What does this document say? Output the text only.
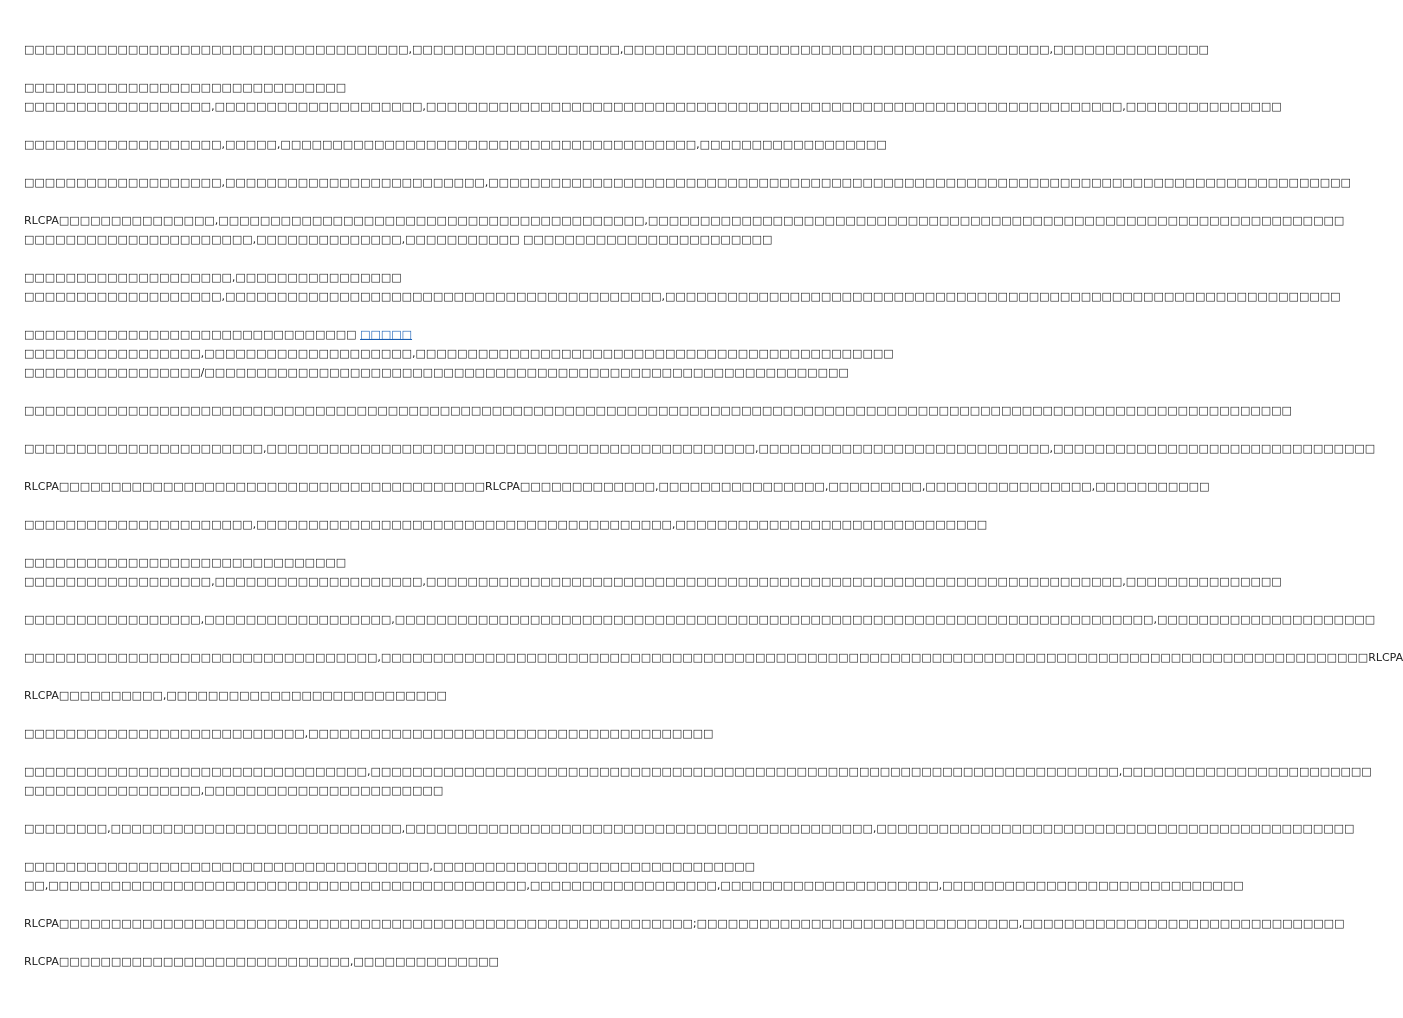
□□□□□□□□□□□□□□□□□□□□□□□□□□□□□□□□□□□□□,□□□□□□□□□□□□□□□□□□□□,□□□□□□□□□□□□□□□□□□□□□□□□□□□□□□□□□□□□□□□□□,□□□□□□□□□□□□□□□

□□□□□□□□□□□□□□□□□□□□□□□□□□□□□□□
□□□□□□□□□□□□□□□□□□,□□□□□□□□□□□□□□□□□□□□,□□□□□□□□□□□□□□□□□□□□□□□□□□□□□□□□□□□□□□□□□□□□□□□□□□□□□□□□□□□□□□□□□□□,□□□□□□□□□□□□□□□

□□□□□□□□□□□□□□□□□□□,□□□□□,□□□□□□□□□□□□□□□□□□□□□□□□□□□□□□□□□□□□□□□□,□□□□□□□□□□□□□□□□□□

□□□□□□□□□□□□□□□□□□□,□□□□□□□□□□□□□□□□□□□□□□□□□,□□□□□□□□□□□□□□□□□□□□□□□□□□□□□□□□□□□□□□□□□□□□□□□□□□□□□□□□□□□□□□□□□□□□□□□□□□□□□□□□□□□

RLCPA□□□□□□□□□□□□□□□,□□□□□□□□□□□□□□□□□□□□□□□□□□□□□□□□□□□□□□□□□,□□□□□□□□□□□□□□□□□□□□□□□□□□□□□□□□□□□□□□□□□□□□□□□□□□□□□□□□□□□□□□□□□□□
□□□□□□□□□□□□□□□□□□□□□□,□□□□□□□□□□□□□□,□□□□□□□□□□□ □□□□□□□□□□□□□□□□□□□□□□□□

□□□□□□□□□□□□□□□□□□□□,□□□□□□□□□□□□□□□□
□□□□□□□□□□□□□□□□□□□,□□□□□□□□□□□□□□□□□□□□□□□□□□□□□□□□□□□□□□□□□□,□□□□□□□□□□□□□□□□□□□□□□□□□□□□□□□□□□□□□□□□□□□□□□□□□□□□□□□□□□□□□□□□□

□□□□□□□□□□□□□□□□□□□□□□□□□□□□□□□□ □□□□□
□□□□□□□□□□□□□□□□□,□□□□□□□□□□□□□□□□□□□□,□□□□□□□□□□□□□□□□□□□□□□□□□□□□□□□□□□□□□□□□□□□□□□
□□□□□□□□□□□□□□□□□/□□□□□□□□□□□□□□□□□□□□□□□□□□□□□□□□□□□□□□□□□□□□□□□□□□□□□□□□□□□□□□

□□□□□□□□□□□□□□□□□□□□□□□□□□□□□□□□□□□□□□□□□□□□□□□□□□□□□□□□□□□□□□□□□□□□□□□□□□□□□□□□□□□□□□□□□□□□□□□□□□□□□□□□□□□□□□□□□□□□□□□□□□

□□□□□□□□□□□□□□□□□□□□□□□,□□□□□□□□□□□□□□□□□□□□□□□□□□□□□□□□□□□□□□□□□□□□□□□,□□□□□□□□□□□□□□□□□□□□□□□□□□□□,□□□□□□□□□□□□□□□□□□□□□□□□□□□□□□□

RLCPA□□□□□□□□□□□□□□□□□□□□□□□□□□□□□□□□□□□□□□□□□RLCPA□□□□□□□□□□□□□,□□□□□□□□□□□□□□□□,□□□□□□□□□,□□□□□□□□□□□□□□□□,□□□□□□□□□□□

□□□□□□□□□□□□□□□□□□□□□□,□□□□□□□□□□□□□□□□□□□□□□□□□□□□□□□□□□□□□□□□,□□□□□□□□□□□□□□□□□□□□□□□□□□□□□□

□□□□□□□□□□□□□□□□□□□□□□□□□□□□□□□
□□□□□□□□□□□□□□□□□□,□□□□□□□□□□□□□□□□□□□□,□□□□□□□□□□□□□□□□□□□□□□□□□□□□□□□□□□□□□□□□□□□□□□□□□□□□□□□□□□□□□□□□□□□,□□□□□□□□□□□□□□□

□□□□□□□□□□□□□□□□□,□□□□□□□□□□□□□□□□□□,□□□□□□□□□□□□□□□□□□□□□□□□□□□□□□□□□□□□□□□□□□□□□□□□□□□□□□□□□□□□□□□□□□□□□□□□□,□□□□□□□□□□□□□□□□□□□□□

□□□□□□□□□□□□□□□□□□□□□□□□□□□□□□□□□□,□□□□□□□□□□□□□□□□□□□□□□□□□□□□□□□□□□□□□□□□□□□□□□□□□□□□□□□□□□□□□□□□□□□□□□□□□□□□□□□□□□□□□□□□□□□□□□□RLCPA

RLCPA□□□□□□□□□□,□□□□□□□□□□□□□□□□□□□□□□□□□□□

□□□□□□□□□□□□□□□□□□□□□□□□□□□,□□□□□□□□□□□□□□□□□□□□□□□□□□□□□□□□□□□□□□□

□□□□□□□□□□□□□□□□□□□□□□□□□□□□□□□□□,□□□□□□□□□□□□□□□□□□□□□□□□□□□□□□□□□□□□□□□□□□□□□□□□□□□□□□□□□□□□□□□□□□□□□□□□,□□□□□□□□□□□□□□□□□□□□□□□□
□□□□□□□□□□□□□□□□□,□□□□□□□□□□□□□□□□□□□□□□□

□□□□□□□□,□□□□□□□□□□□□□□□□□□□□□□□□□□□□,□□□□□□□□□□□□□□□□□□□□□□□□□□□□□□□□□□□□□□□□□□□□□,□□□□□□□□□□□□□□□□□□□□□□□□□□□□□□□□□□□□□□□□□□□□□□

□□□□□□□□□□□□□□□□□□□□□□□□□□□□□□□□□□□□□□□,□□□□□□□□□□□□□□□□□□□□□□□□□□□□□□□
□□,□□□□□□□□□□□□□□□□□□□□□□□□□□□□□□□□□□□□□□□□□□□□□□,□□□□□□□□□□□□□□□□□□,□□□□□□□□□□□□□□□□□□□□□,□□□□□□□□□□□□□□□□□□□□□□□□□□□□□

RLCPA□□□□□□□□□□□□□□□□□□□□□□□□□□□□□□□□□□□□□□□□□□□□□□□□□□□□□□□□□□□□□;□□□□□□□□□□□□□□□□□□□□□□□□□□□□□□□,□□□□□□□□□□□□□□□□□□□□□□□□□□□□□□□

RLCPA□□□□□□□□□□□□□□□□□□□□□□□□□□□□,□□□□□□□□□□□□□□
